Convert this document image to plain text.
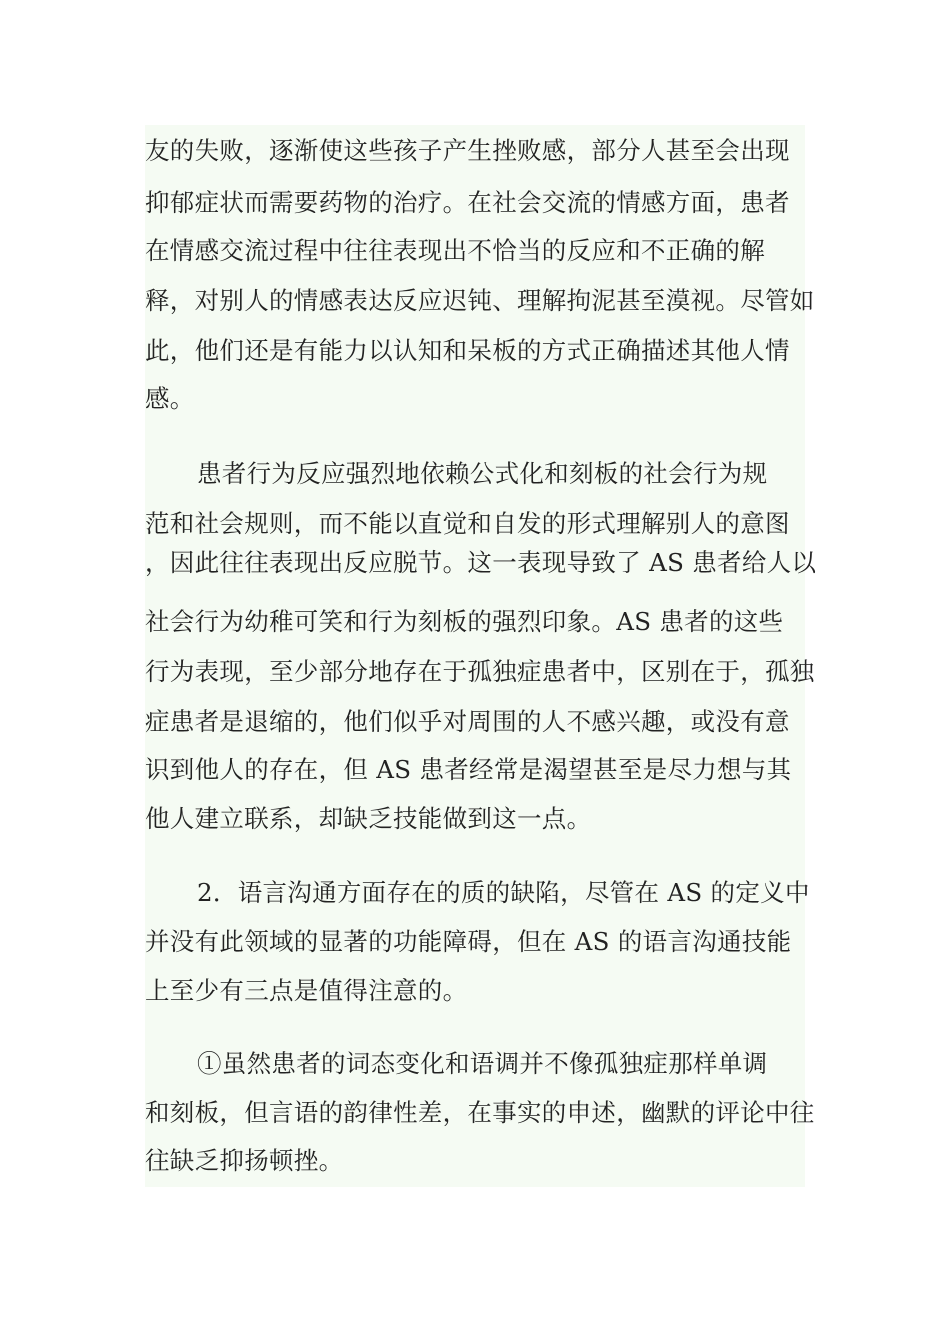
友的失败，逐渐使这些孩子产生挫败感，部分人甚至会出现
抑郁症状而需要药物的治疗。在社会交流的情感方面，患者
在情感交流过程中往往表现出不恰当的反应和不正确的解
释，对别人的情感表达反应迟钝、理解拘泥甚至漠视。尽管如
此，他们还是有能力以认知和呆板的方式正确描述其他人情
感。
患者行为反应强烈地依赖公式化和刻板的社会行为规
范和社会规则，而不能以直觉和自发的形式理解别人的意图
，因此往往表现出反应脱节。这一表现导致了 AS 患者给人以
社会行为幼稚可笑和行为刻板的强烈印象。AS 患者的这些
行为表现，至少部分地存在于孤独症患者中，区别在于，孤独
症患者是退缩的，他们似乎对周围的人不感兴趣，或没有意
识到他人的存在，但 AS 患者经常是渴望甚至是尽力想与其
他人建立联系，却缺乏技能做到这一点。
2．语言沟通方面存在的质的缺陷，尽管在 AS 的定义中
并没有此领域的显著的功能障碍，但在 AS 的语言沟通技能
上至少有三点是值得注意的。
①虽然患者的词态变化和语调并不像孤独症那样单调
和刻板，但言语的韵律性差，在事实的申述，幽默的评论中往
往缺乏抑扬顿挫。
